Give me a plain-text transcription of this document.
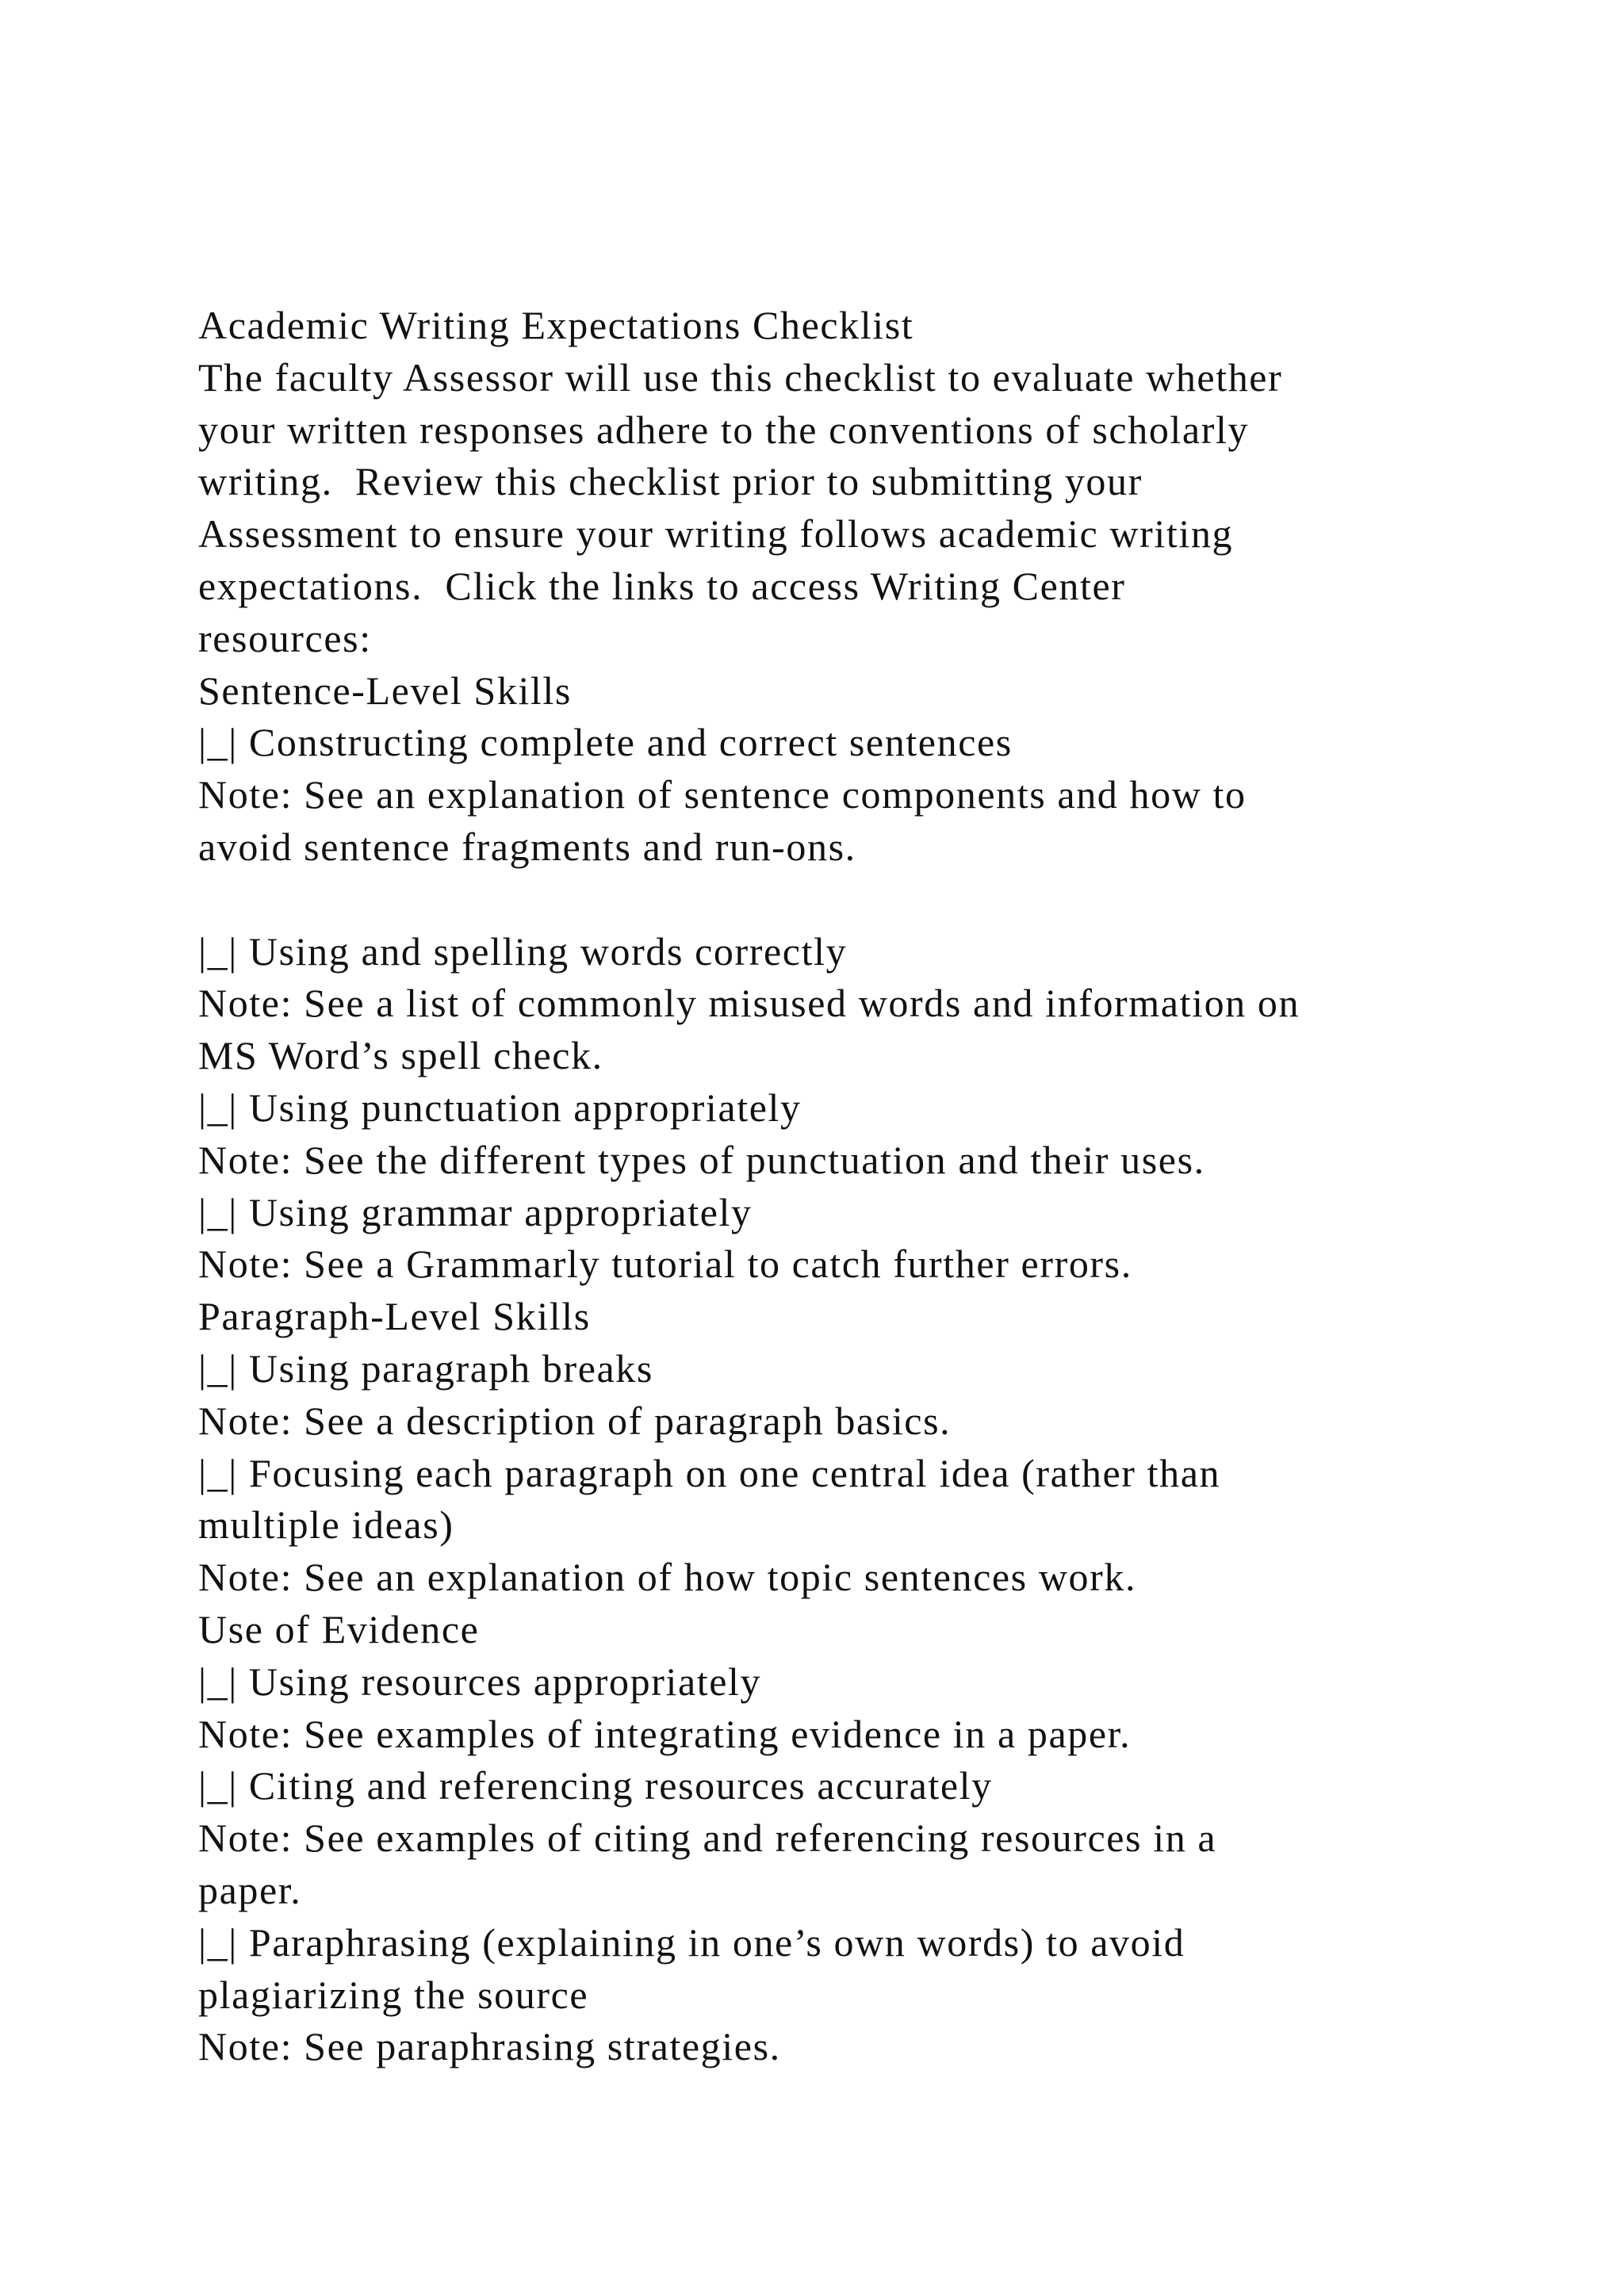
Academic Writing Expectations Checklist
The faculty Assessor will use this checklist to evaluate whether
your written responses adhere to the conventions of scholarly
writing.  Review this checklist prior to submitting your
Assessment to ensure your writing follows academic writing
expectations.  Click the links to access Writing Center
resources:
Sentence-Level Skills
|_| Constructing complete and correct sentences
Note: See an explanation of sentence components and how to
avoid sentence fragments and run-ons.
|_| Using and spelling words correctly
Note: See a list of commonly misused words and information on
MS Word’s spell check.
|_| Using punctuation appropriately
Note: See the different types of punctuation and their uses.
|_| Using grammar appropriately
Note: See a Grammarly tutorial to catch further errors.
Paragraph-Level Skills
|_| Using paragraph breaks
Note: See a description of paragraph basics.
|_| Focusing each paragraph on one central idea (rather than
multiple ideas)
Note: See an explanation of how topic sentences work.
Use of Evidence
|_| Using resources appropriately
Note: See examples of integrating evidence in a paper.
|_| Citing and referencing resources accurately
Note: See examples of citing and referencing resources in a
paper.
|_| Paraphrasing (explaining in one’s own words) to avoid
plagiarizing the source
Note: See paraphrasing strategies.
